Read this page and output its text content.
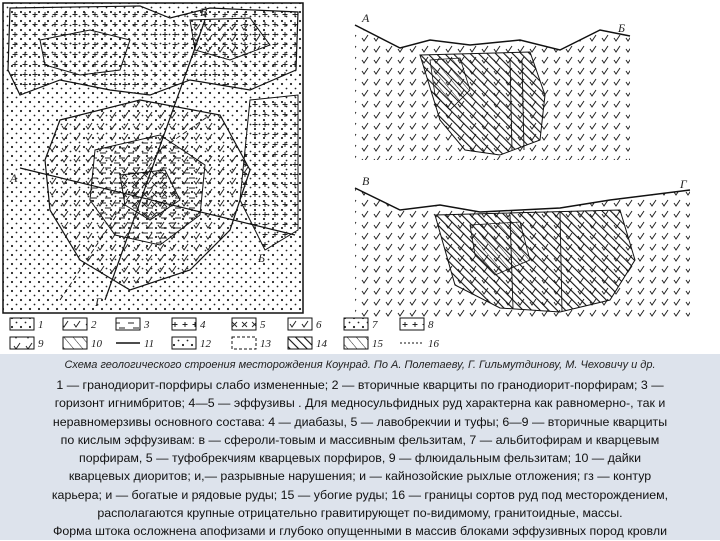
А
Б
В
Г
А
Б
В	Г
1	2	3	4	5	6	7	8
9	10	11	12	13	14	15	16
Схема геологического строения месторождения Коунрад. По А. Полетаеву, Г. Гильмутдинову, М. Чеховичу и др.
1 — гранодиорит-порфиры слабо измененные; 2 — вторичные кварциты по гранодиорит-порфирам; 3 —
горизонт игнимбритов; 4—5 — эффузивы . Для медносульфидных руд характерна как равномерно-, так и
неравномерзивы основного состава: 4 — диабазы, 5 — лавобрекчии и туфы; 6—9 — вторичные кварциты
по кислым эффузивам: в — сфероли-товым и массивным фельзитам, 7 — альбитофирам и кварцевым
порфирам, 5 — туфобрекчиям кварцевых порфиров, 9 — флюидальным фельзитам; 10 — дайки
кварцевых диоритов; и,— разрывные нарушения; и — кайнозойские рыхлые отложения; гз — контур
карьера; и — богатые и рядовые руды; 15 — убогие руды; 16 — границы сортов руд под месторождением,
располагаются крупные отрицательно гравитирующет по-видимому, гранитоидные, массы.
Форма штока осложнена апофизами и глубоко опущенными в массив блоками эффузивных пород кровли
